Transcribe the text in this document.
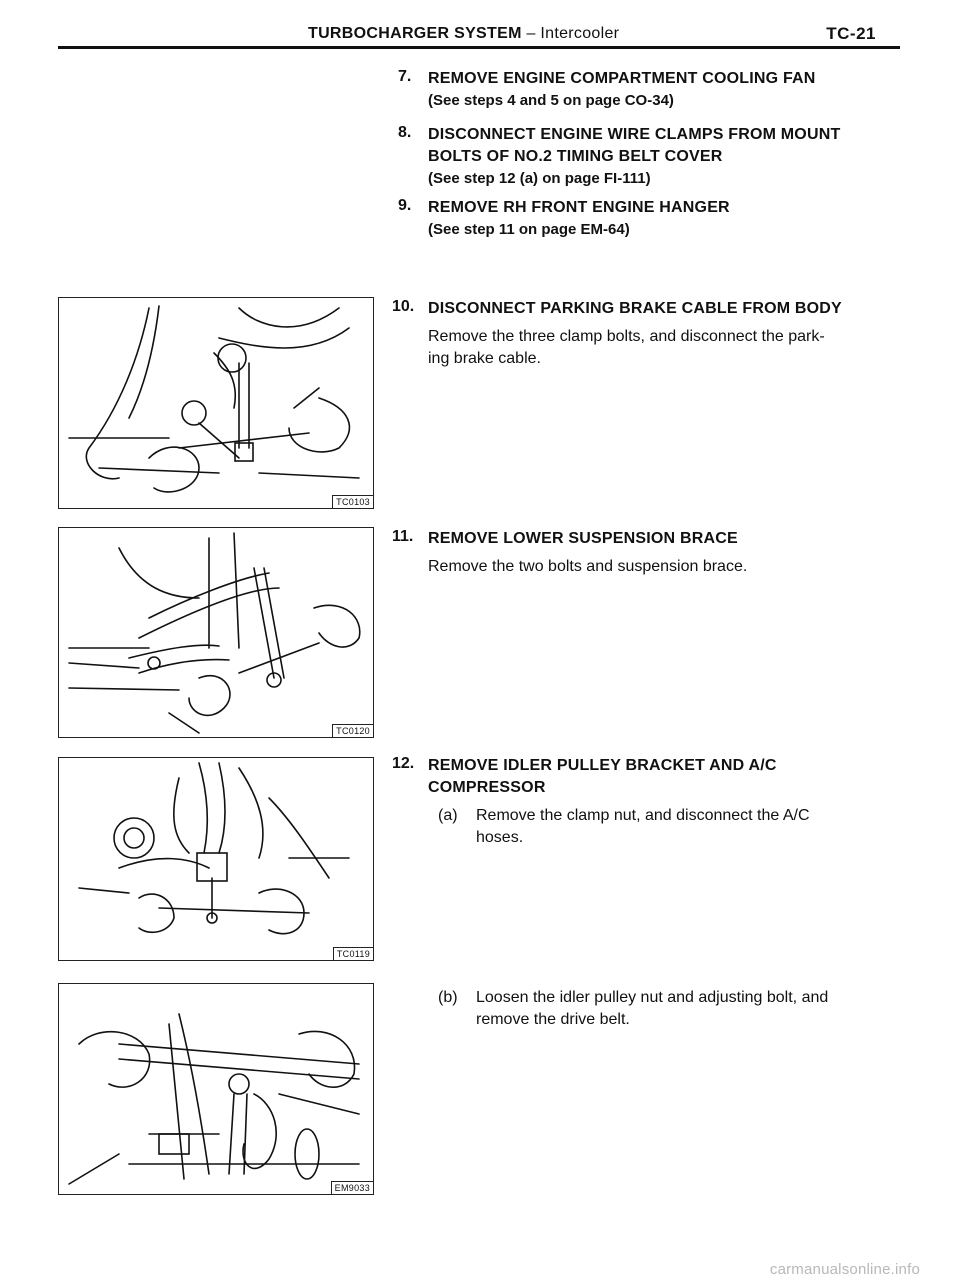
TURBOCHARGER SYSTEM – Intercooler	TC-21
7. REMOVE ENGINE COMPARTMENT COOLING FAN
(See steps 4 and 5 on page CO-34)
8. DISCONNECT ENGINE WIRE CLAMPS FROM MOUNT
BOLTS OF NO.2 TIMING BELT COVER
(See step 12 (a) on page FI-111)
9. REMOVE RH FRONT ENGINE HANGER
(See step 11 on page EM-64)
10. DISCONNECT PARKING BRAKE CABLE FROM BODY
Remove the three clamp bolts, and disconnect the park-
ing brake cable.
11. REMOVE LOWER SUSPENSION BRACE
Remove the two bolts and suspension brace.
12. REMOVE IDLER PULLEY BRACKET AND A/C
COMPRESSOR
(a) Remove the clamp nut, and disconnect the A/C
hoses.
(b) Loosen the idler pulley nut and adjusting bolt, and
remove the drive belt.
TC0103
TC0120
TC0119
EM9033
carmanualsonline.info
